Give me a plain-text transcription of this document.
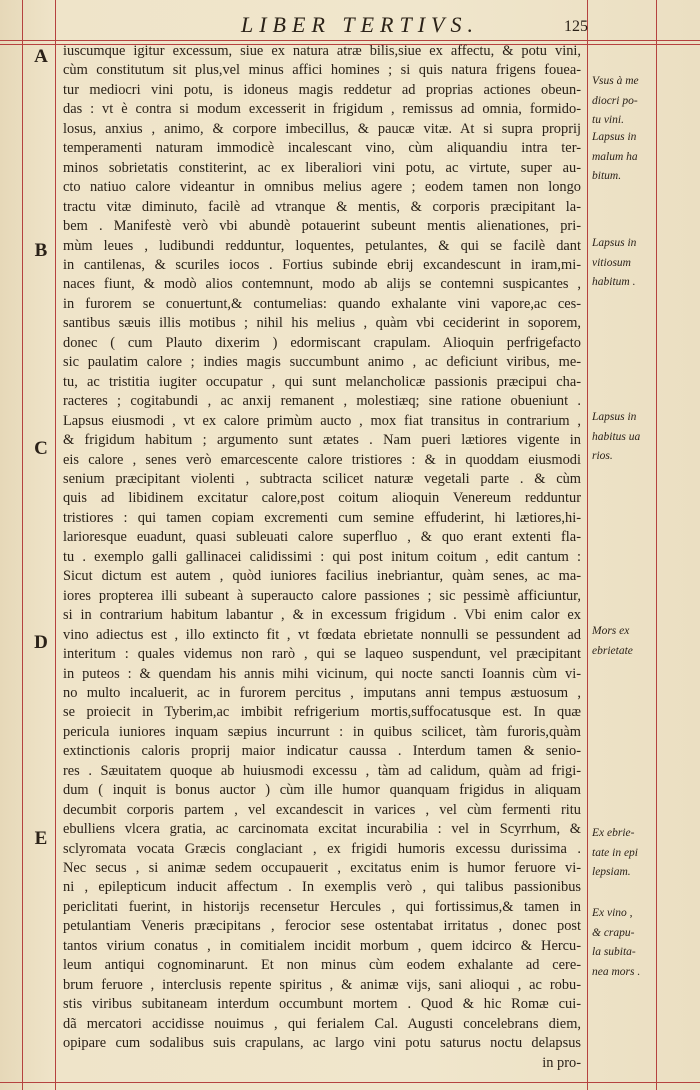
LIBER TERTIVS.	125
A
B
C
D
E
iuscumque igitur excessum, siue ex natura atræ bilis,siue ex affectu, & potu vini,
cùm constitutum sit plus,vel minus affici homines ; si quis natura frigens fouea-
tur mediocri vini potu, is idoneus magis reddetur ad proprias actiones obeun-
das : vt è contra si modum excesserit in frigidum , remissus ad omnia, formido-
losus, anxius , animo, & corpore imbecillus, & paucæ vitæ. At si supra proprij
temperamenti naturam immodicè incalescant vino, cùm aliquandiu intra ter-
minos sobrietatis constiterint, ac ex liberaliori vini potu, ac virtute, super au-
cto natiuo calore videantur in omnibus melius agere ; eodem tamen non longo
tractu vitæ diminuto, facilè ad vtranque & mentis, & corporis præcipitant la-
bem . Manifestè verò vbi abundè potauerint subeunt mentis alienationes, pri-
mùm leues , ludibundi redduntur, loquentes, petulantes, & qui se facilè dant
in cantilenas, & scuriles iocos . Fortius subinde ebrij excandescunt in iram,mi-
naces fiunt, & modò alios contemnunt, modo ab alijs se contemni suspicantes ,
in furorem se conuertunt,& contumelias: quando exhalante vini vapore,ac ces-
santibus sæuis illis motibus ; nihil his melius , quàm vbi ceciderint in soporem,
donec ( cum Plauto dixerim ) edormiscant crapulam. Alioquin perfrigefacto
sic paulatim calore ; indies magis succumbunt animo , ac deficiunt viribus, me-
tu, ac tristitia iugiter occupatur , qui sunt melancholicæ passionis præcipui cha-
racteres ; cogitabundi , ac anxij remanent , molestiæq; sine ratione obueniunt .
Lapsus eiusmodi , vt ex calore primùm aucto , mox fiat transitus in contrarium ,
& frigidum habitum ; argumento sunt ætates . Nam pueri lætiores vigente in
eis calore , senes verò emarcescente calore tristiores : & in quoddam eiusmodi
senium præcipitant violenti , subtracta scilicet naturæ vegetali parte . & cùm
quis ad libidinem excitatur calore,post coitum alioquin Venereum redduntur
tristiores : qui tamen copiam excrementi cum semine effuderint, hi lætiores,hi-
larioresque euadunt, quasi subleuati calore superfluo , & quo erant extenti fla-
tu . exemplo galli gallinacei calidissimi : qui post initum coitum , edit cantum :
Sicut dictum est autem , quòd iuniores facilius inebriantur, quàm senes, ac ma-
iores propterea illi subeant à superaucto calore passiones ; sic pessimè afficiuntur,
si in contrarium habitum labantur , & in excessum frigidum . Vbi enim calor ex
vino adiectus est , illo extincto fit , vt fœdata ebrietate nonnulli se pessundent ad
interitum : quales videmus non rarò , qui se laqueo suspendunt, vel præcipitant
in puteos : & quendam his annis mihi vicinum, qui nocte sancti Ioannis cùm vi-
no multo incaluerit, ac in furorem percitus , imputans anni tempus æstuosum ,
se proiecit in Tyberim,ac imbibit refrigerium mortis,suffocatusque est. In quæ
pericula iuniores inquam sæpius incurrunt : in quibus scilicet, tàm furoris,quàm
extinctionis caloris proprij maior indicatur caussa . Interdum tamen & senio-
res . Sæuitatem quoque ab huiusmodi excessu , tàm ad calidum, quàm ad frigi-
dum ( inquit is bonus auctor ) cùm ille humor quanquam frigidus in aliquam
decumbit corporis partem , vel excandescit in varices , vel cùm fermenti ritu
ebulliens vlcera gratia, ac carcinomata excitat incurabilia : vel in Scyrrhum, &
sclyromata vocata Græcis conglaciant , ex frigidi humoris excessu durissima .
Nec secus , si animæ sedem occupauerit , excitatus enim is humor feruore vi-
ni , epilepticum inducit affectum . In exemplis verò , qui talibus passionibus
periclitati fuerint, in historijs recensetur Hercules , qui fortissimus,& tamen in
petulantiam Veneris præcipitans , ferocior sese ostentabat irritatus , donec post
tantos virium conatus , in comitialem incidit morbum , quem idcirco & Hercu-
leum antiqui cognominarunt. Et non minus cùm eodem exhalante ad cere-
brum feruore , interclusis repente spiritus , & animæ vijs, sani alioqui , ac robu-
stis viribus subitaneam interdum occumbunt mortem . Quod & hic Romæ cui-
dã mercatori accidisse nouimus , qui ferialem Cal. Augusti concelebrans diem,
opipare cum sodalibus suis crapulans, ac largo vini potu saturus noctu delapsus
in pro-
Vsus à me
diocri po-
tu vini.
Lapsus in
malum ha
bitum.
Lapsus in
vitiosum
habitum .
Lapsus in
habitus ua
rios.
Mors ex
ebrietate
Ex ebrie-
tate in epi
lepsiam.
Ex vino ,
& crapu-
la subita-
nea mors .
